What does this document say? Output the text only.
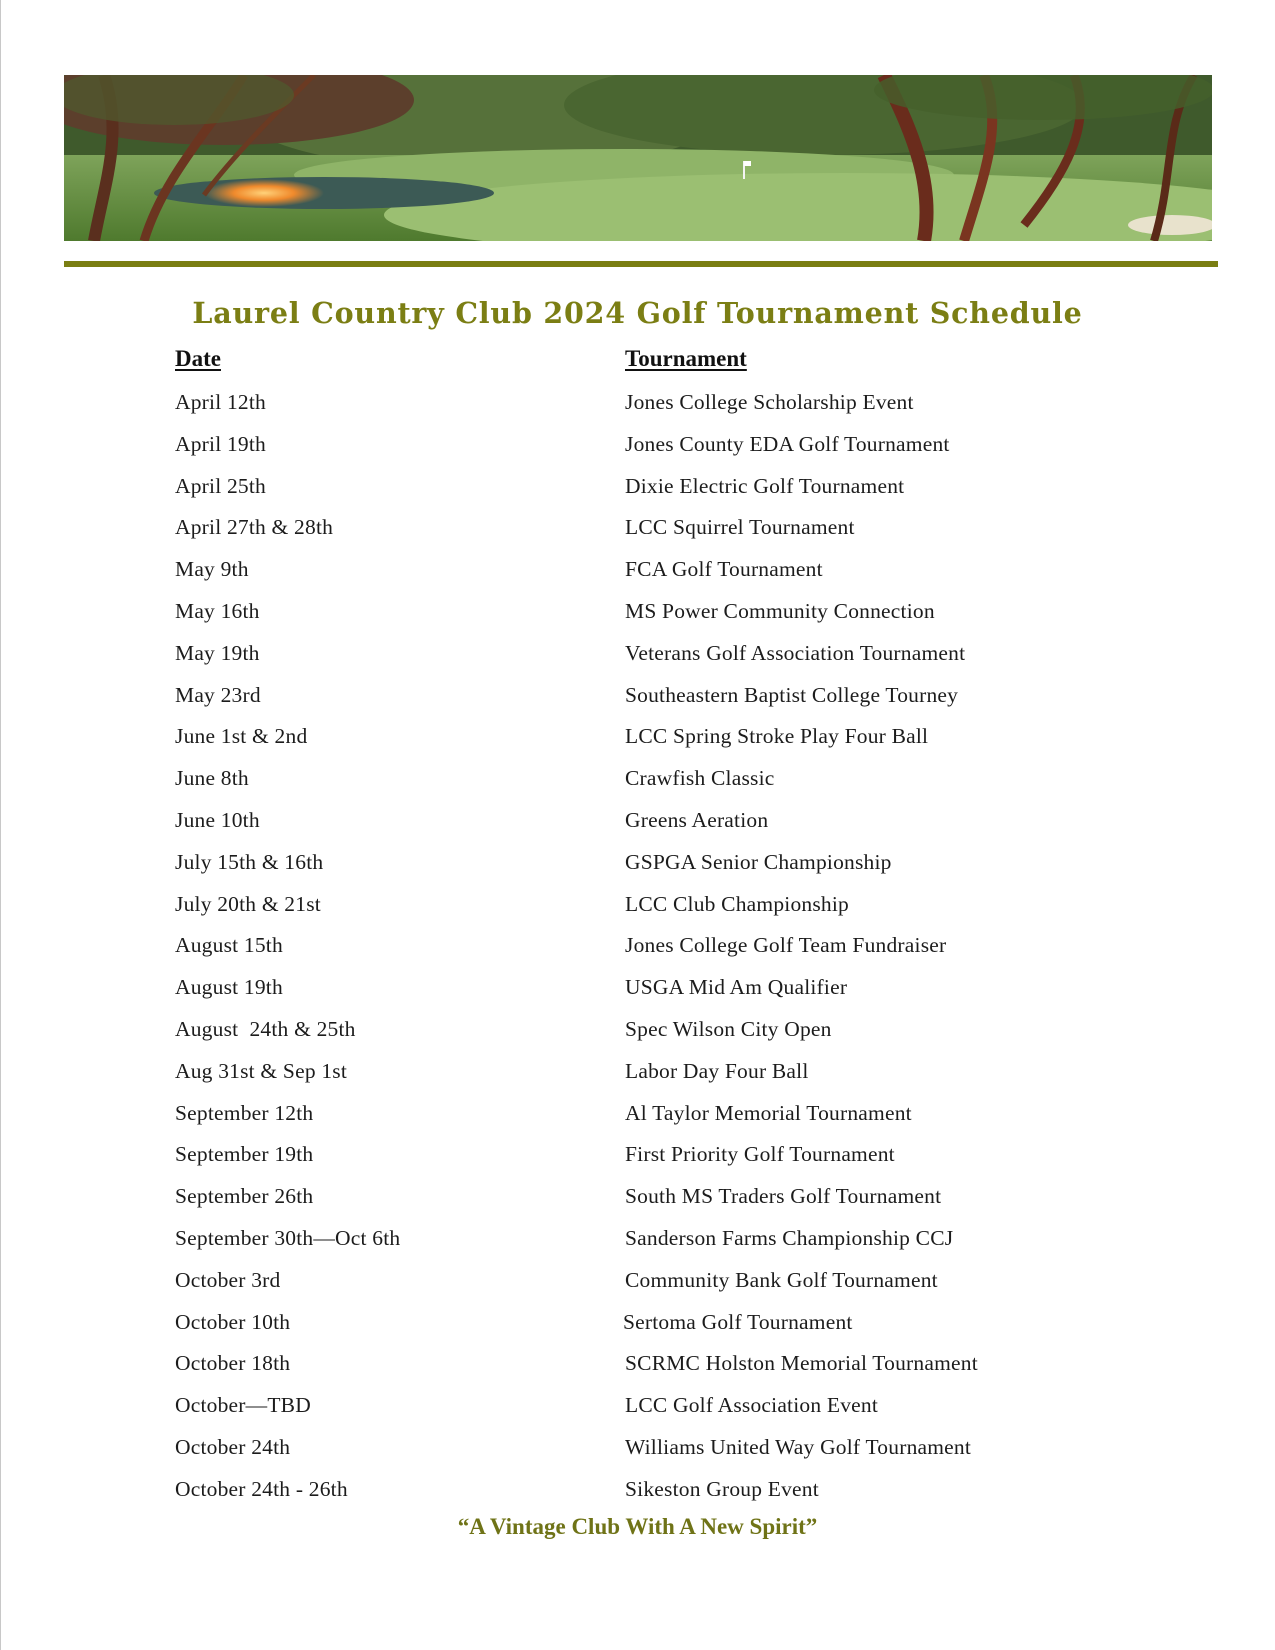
Laurel Country Club 2024 Golf Tournament Schedule
Date	Tournament
April 12th	Jones College Scholarship Event
April 19th	Jones County EDA Golf Tournament
April 25th	Dixie Electric Golf Tournament
April 27th & 28th	LCC Squirrel Tournament
May 9th	FCA Golf Tournament
May 16th	MS Power Community Connection
May 19th	Veterans Golf Association Tournament
May 23rd	Southeastern Baptist College Tourney
June 1st & 2nd	LCC Spring Stroke Play Four Ball
June 8th	Crawfish Classic
June 10th	Greens Aeration
July 15th & 16th	GSPGA Senior Championship
July 20th & 21st	LCC Club Championship
August 15th	Jones College Golf Team Fundraiser
August 19th	USGA Mid Am Qualifier
August  24th & 25th	Spec Wilson City Open
Aug 31st & Sep 1st	Labor Day Four Ball
September 12th	Al Taylor Memorial Tournament
September 19th	First Priority Golf Tournament
September 26th	South MS Traders Golf Tournament
September 30th—Oct 6th	Sanderson Farms Championship CCJ
October 3rd	Community Bank Golf Tournament
October 10th	Sertoma Golf Tournament
October 18th	SCRMC Holston Memorial Tournament
October—TBD	LCC Golf Association Event
October 24th	Williams United Way Golf Tournament
October 24th - 26th	Sikeston Group Event
“A Vintage Club With A New Spirit”
